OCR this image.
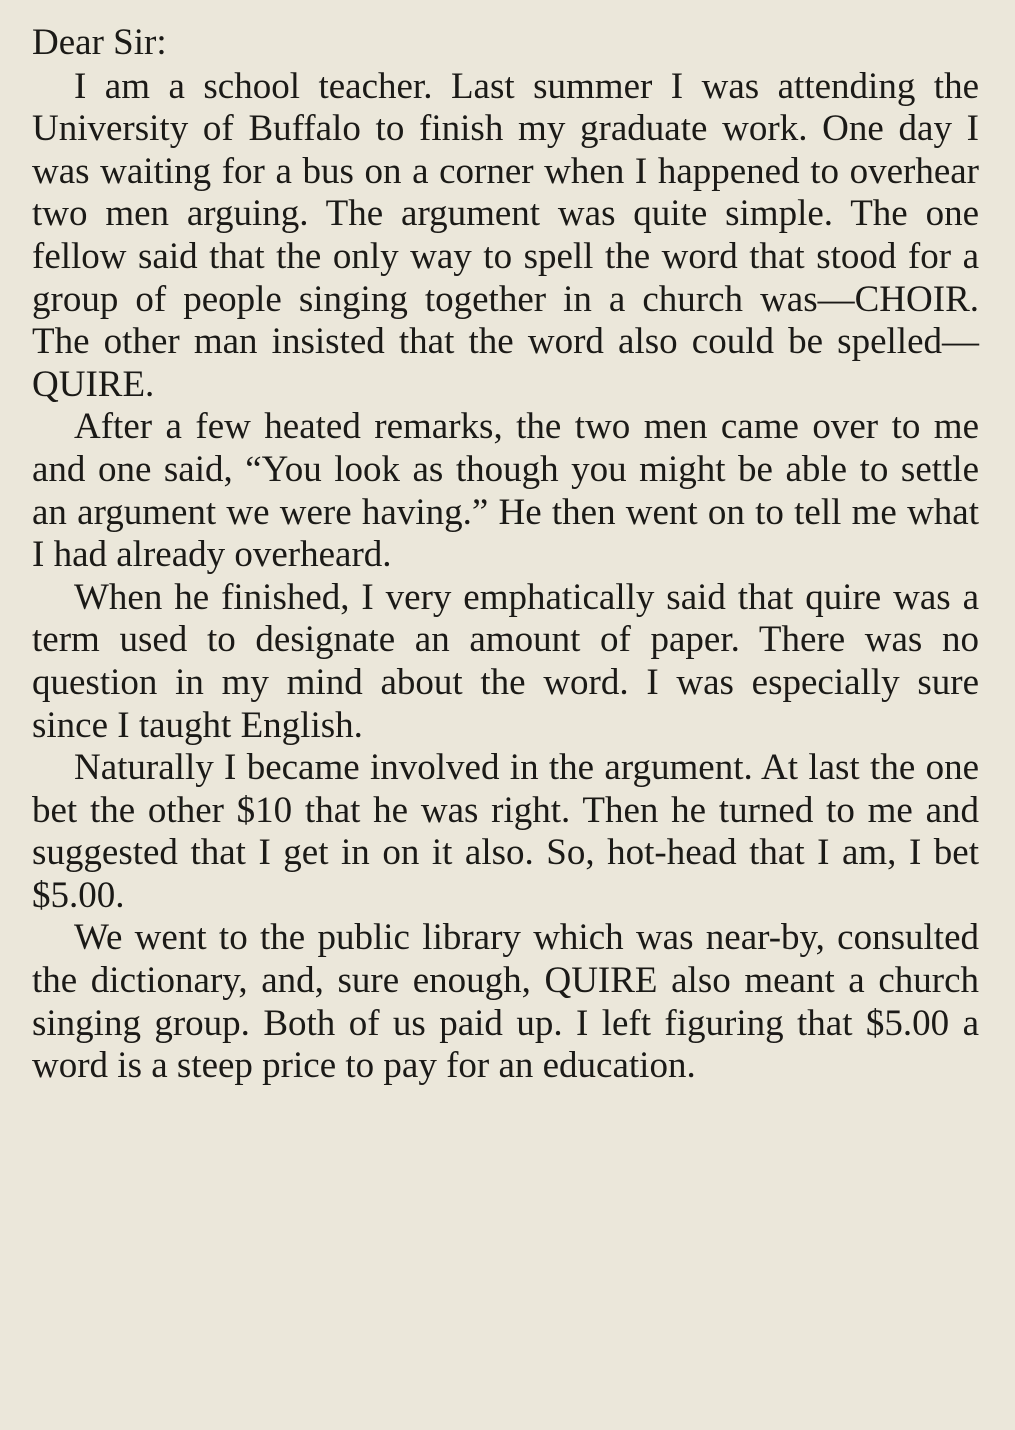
Dear Sir:

I am a school teacher. Last summer I was attending the University of Buffalo to finish my graduate work. One day I was waiting for a bus on a corner when I happened to overhear two men arguing. The argument was quite simple. The one fellow said that the only way to spell the word that stood for a group of people singing together in a church was—CHOIR. The other man insisted that the word also could be spelled—QUIRE.

After a few heated remarks, the two men came over to me and one said, “You look as though you might be able to settle an argument we were having.” He then went on to tell me what I had already overheard.

When he finished, I very emphatically said that quire was a term used to designate an amount of paper. There was no question in my mind about the word. I was especially sure since I taught English.

Naturally I became involved in the argument. At last the one bet the other $10 that he was right. Then he turned to me and suggested that I get in on it also. So, hot-head that I am, I bet $5.00.

We went to the public library which was near-by, consulted the dictionary, and, sure enough, QUIRE also meant a church singing group. Both of us paid up. I left figuring that $5.00 a word is a steep price to pay for an education.
